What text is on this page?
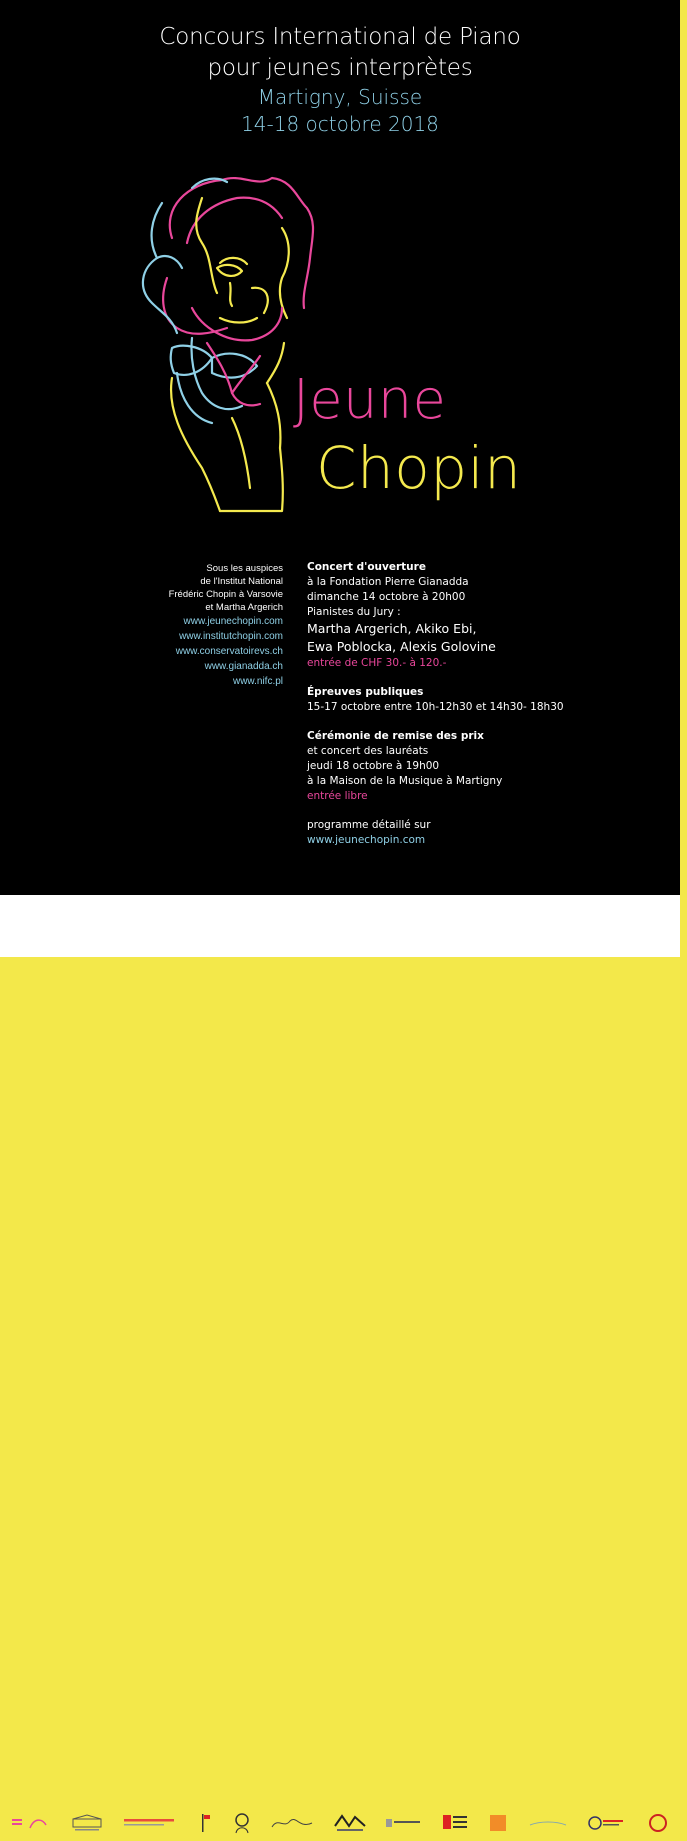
Concours International de Piano
pour jeunes interprètes
Martigny, Suisse
14-18 octobre 2018
Jeune
Chopin
Sous les auspices
de l'Institut National
Frédéric Chopin à Varsovie
et Martha Argerich
www.jeunechopin.com
www.institutchopin.com
www.conservatoirevs.ch
www.gianadda.ch
www.nifc.pl
Concert d'ouverture
à la Fondation Pierre Gianadda
dimanche 14 octobre à 20h00
Pianistes du Jury :
Martha Argerich, Akiko Ebi,
Ewa Poblocka, Alexis Golovine
entrée de CHF 30.- à 120.-
Épreuves publiques
15-17 octobre entre 10h-12h30 et 14h30- 18h30
Cérémonie de remise des prix
et concert des lauréats
jeudi 18 octobre à 19h00
à la Maison de la Musique à Martigny
entrée libre
programme détaillé sur
www.jeunechopin.com
